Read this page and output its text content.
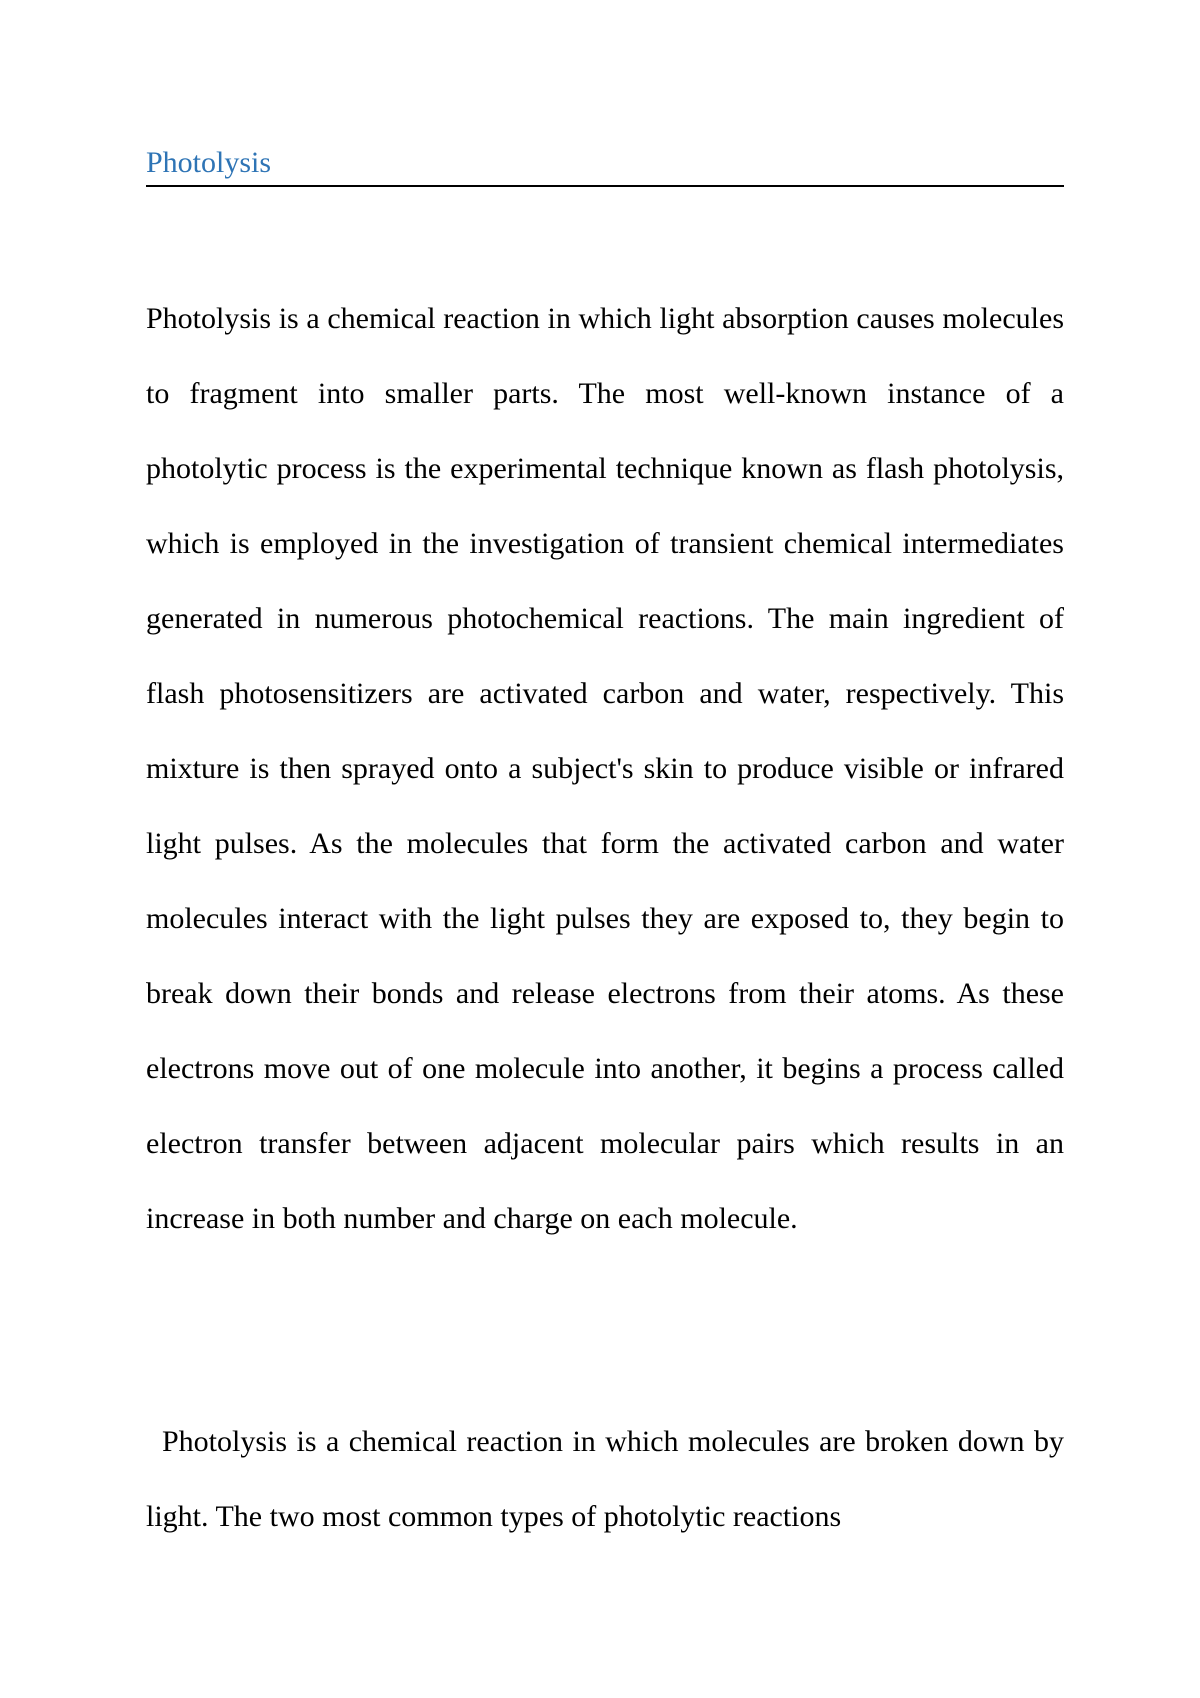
Photolysis

Photolysis is a chemical reaction in which light absorption causes molecules to fragment into smaller parts. The most well-known instance of a photolytic process is the experimental technique known as flash photolysis, which is employed in the investigation of transient chemical intermediates generated in numerous photochemical reactions. The main ingredient of flash photosensitizers are activated carbon and water, respectively. This mixture is then sprayed onto a subject's skin to produce visible or infrared light pulses. As the molecules that form the activated carbon and water molecules interact with the light pulses they are exposed to, they begin to break down their bonds and release electrons from their atoms. As these electrons move out of one molecule into another, it begins a process called electron transfer between adjacent molecular pairs which results in an increase in both number and charge on each molecule.

Photolysis is a chemical reaction in which molecules are broken down by light. The two most common types of photolytic reactions
